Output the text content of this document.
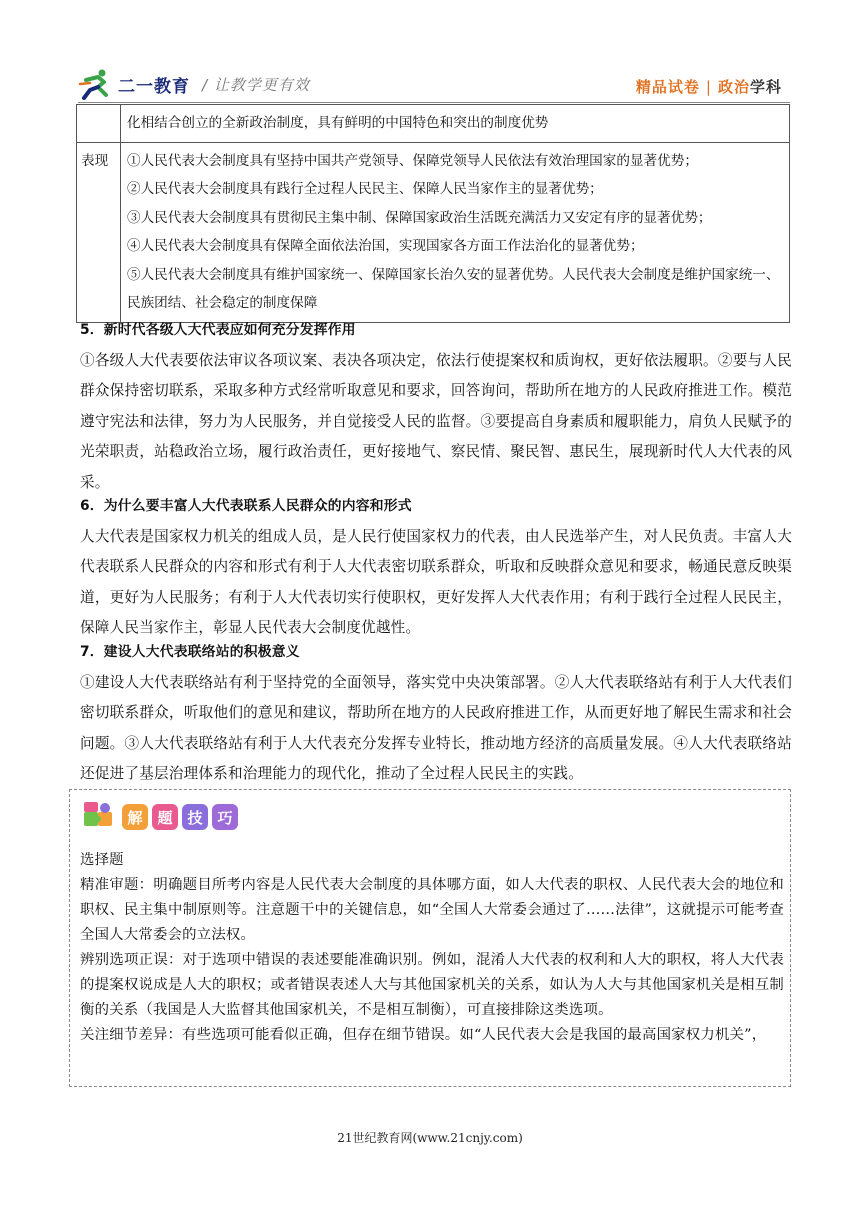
二一教育 / 让教学更有效	精品试卷 | 政治学科
	化相结合创立的全新政治制度，具有鲜明的中国特色和突出的制度优势
表现	①人民代表大会制度具有坚持中国共产党领导、保障党领导人民依法有效治理国家的显著优势；
②人民代表大会制度具有践行全过程人民民主、保障人民当家作主的显著优势；
③人民代表大会制度具有贯彻民主集中制、保障国家政治生活既充满活力又安定有序的显著优势；
④人民代表大会制度具有保障全面依法治国，实现国家各方面工作法治化的显著优势；
⑤人民代表大会制度具有维护国家统一、保障国家长治久安的显著优势。人民代表大会制度是维护国家统一、民族团结、社会稳定的制度保障
5．新时代各级人大代表应如何充分发挥作用
①各级人大代表要依法审议各项议案、表决各项决定，依法行使提案权和质询权，更好依法履职。②要与人民群众保持密切联系，采取多种方式经常听取意见和要求，回答询问，帮助所在地方的人民政府推进工作。模范遵守宪法和法律，努力为人民服务，并自觉接受人民的监督。③要提高自身素质和履职能力，肩负人民赋予的光荣职责，站稳政治立场，履行政治责任，更好接地气、察民情、聚民智、惠民生，展现新时代人大代表的风采。
6．为什么要丰富人大代表联系人民群众的内容和形式
人大代表是国家权力机关的组成人员，是人民行使国家权力的代表，由人民选举产生，对人民负责。丰富人大代表联系人民群众的内容和形式有利于人大代表密切联系群众，听取和反映群众意见和要求，畅通民意反映渠道，更好为人民服务；有利于人大代表切实行使职权，更好发挥人大代表作用；有利于践行全过程人民民主，保障人民当家作主，彰显人民代表大会制度优越性。
7．建设人大代表联络站的积极意义
①建设人大代表联络站有利于坚持党的全面领导，落实党中央决策部署。②人大代表联络站有利于人大代表们密切联系群众，听取他们的意见和建议，帮助所在地方的人民政府推进工作，从而更好地了解民生需求和社会问题。③人大代表联络站有利于人大代表充分发挥专业特长，推动地方经济的高质量发展。④人大代表联络站还促进了基层治理体系和治理能力的现代化，推动了全过程人民民主的实践。
解 题 技 巧
选择题
精准审题：明确题目所考内容是人民代表大会制度的具体哪方面，如人大代表的职权、人民代表大会的地位和职权、民主集中制原则等。注意题干中的关键信息，如“全国人大常委会通过了……法律”，这就提示可能考查全国人大常委会的立法权。
辨别选项正误：对于选项中错误的表述要能准确识别。例如，混淆人大代表的权利和人大的职权，将人大代表的提案权说成是人大的职权；或者错误表述人大与其他国家机关的关系，如认为人大与其他国家机关是相互制衡的关系（我国是人大监督其他国家机关，不是相互制衡），可直接排除这类选项。
关注细节差异：有些选项可能看似正确，但存在细节错误。如“人民代表大会是我国的最高国家权力机关”，
21世纪教育网(www.21cnjy.com)
